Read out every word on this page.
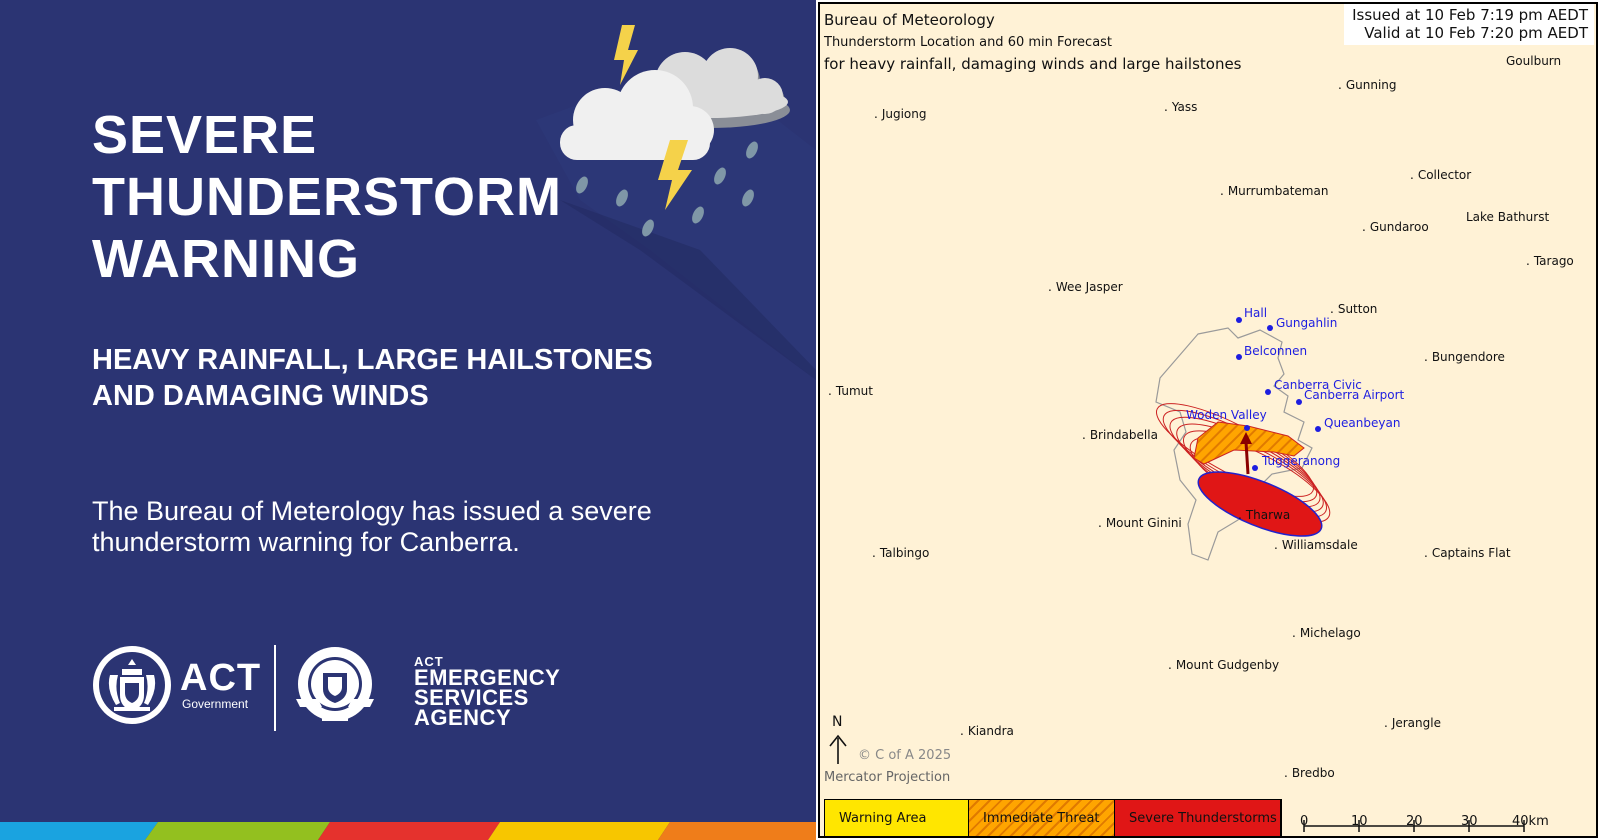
SEVERE
THUNDERSTORM
WARNING
HEAVY RAINFALL, LARGE HAILSTONES
AND DAMAGING WINDS
The Bureau of Meterology has issued a severe thunderstorm warning for Canberra.
ACT
Government
ACT
EMERGENCY
SERVICES
AGENCY
Bureau of Meteorology
Thunderstorm Location and 60 min Forecast
for heavy rainfall, damaging winds and large hailstones
Issued at 10 Feb 7:19 pm AEDT
Valid at 10 Feb 7:20 pm AEDT
Goulburn
. Gunning
. Yass
. Jugiong
. Collector
. Murrumbateman
Lake Bathurst
. Gundaroo
. Tarago
. Wee Jasper
. Sutton
. Bungendore
. Tumut
. Brindabella
. Mount Ginini
. Tharwa
. Williamsdale
. Captains Flat
. Talbingo
. Michelago
. Mount Gudgenby
. Kiandra
. Jerangle
. Bredbo
Hall
Gungahlin
Belconnen
Canberra Civic
Canberra Airport
Woden Valley
Queanbeyan
Tuggeranong
N
© C of A 2025
Mercator Projection
Warning Area	Immediate Threat	Severe Thunderstorms	0	10	20	30	40km
